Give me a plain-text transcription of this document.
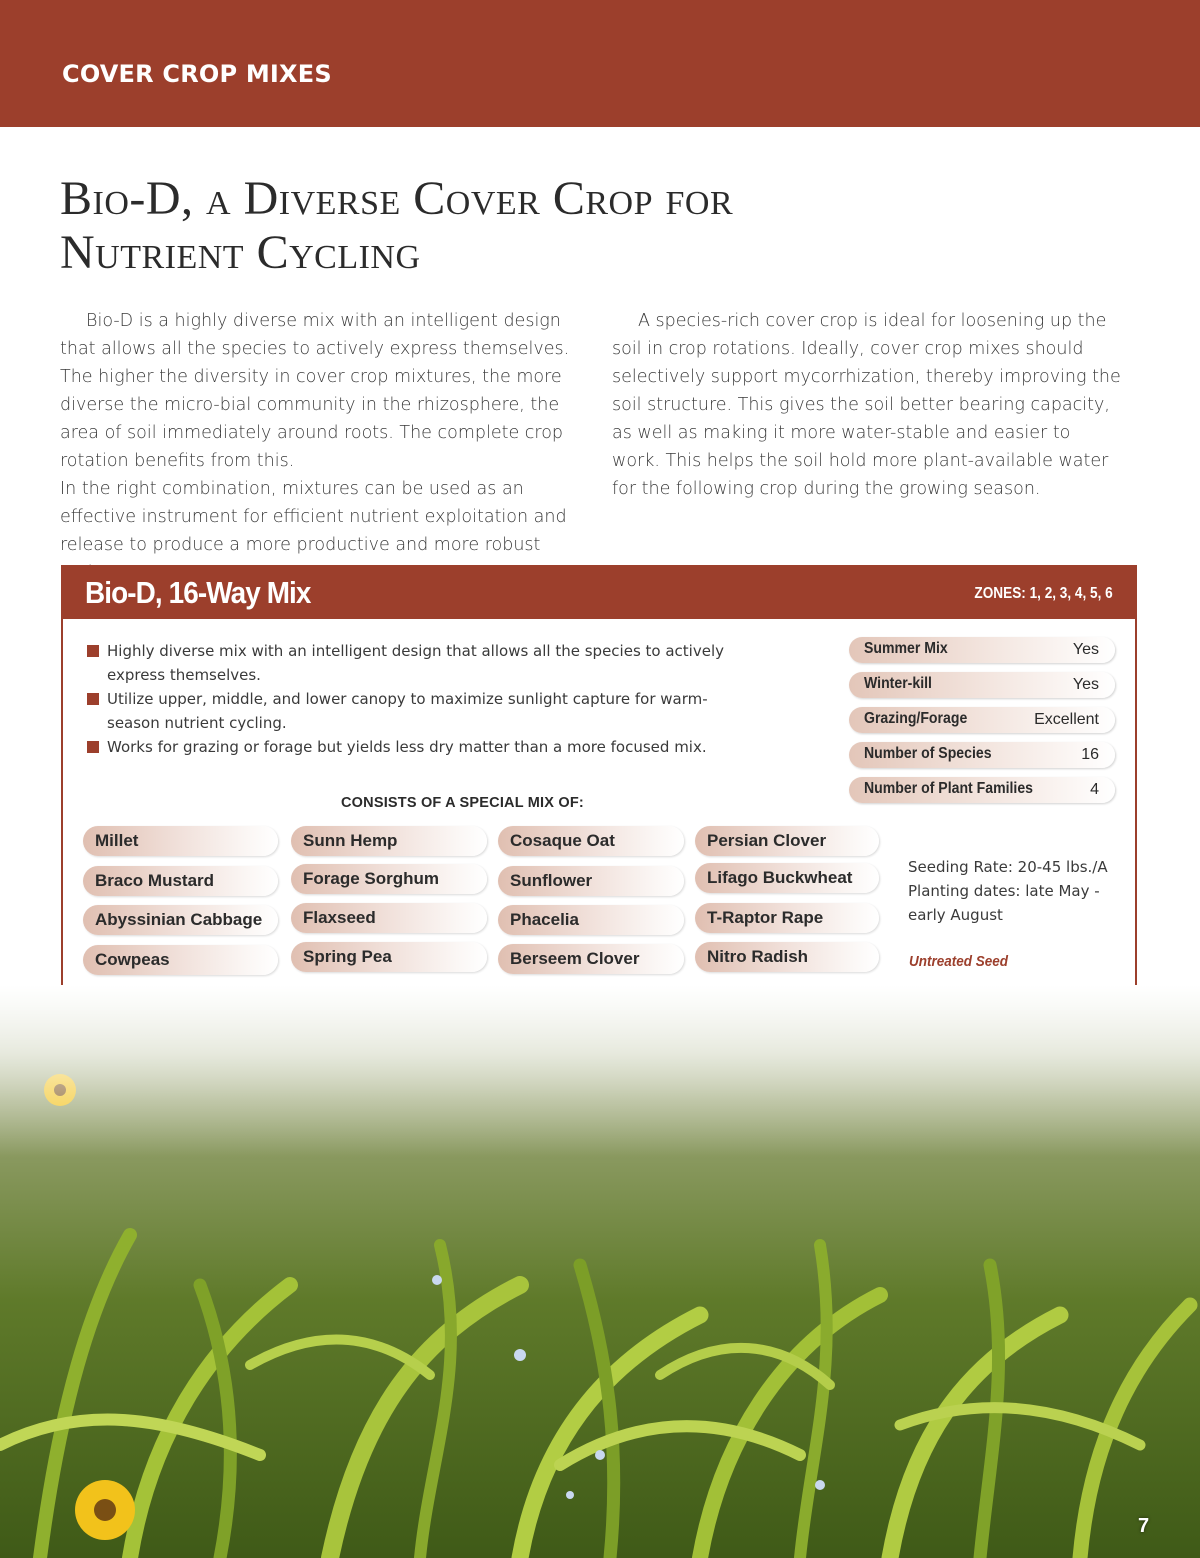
COVER CROP MIXES
Bio-D, a Diverse Cover Crop for Nutrient Cycling

Bio-D is a highly diverse mix with an intelligent design that allows all the species to actively express themselves. The higher the diversity in cover crop mixtures, the more diverse the micro-bial community in the rhizosphere, the area of soil immediately around roots. The complete crop rotation benefits from this.

In the right combination, mixtures can be used as an effective instrument for efficient nutrient exploitation and release to produce a more productive and more robust

A species-rich cover crop is ideal for loosening up the soil in crop rotations. Ideally, cover crop mixes should selectively support mycorrhization, thereby improving the soil structure. This gives the soil better bearing capacity, as well as making it more water-stable and easier to work. This helps the soil hold more plant-available water for the following crop during the growing season.

Bio-D, 16-Way Mix	ZONES: 1, 2, 3, 4, 5, 6
Highly diverse mix with an intelligent design that allows all the species to actively express themselves.
Utilize upper, middle, and lower canopy to maximize sunlight capture for warm-season nutrient cycling.
Works for grazing or forage but yields less dry matter than a more focused mix.
Summer Mix	Yes
Winter-kill	Yes
Grazing/Forage	Excellent
Number of Species	16
Number of Plant Families	4
CONSISTS OF A SPECIAL MIX OF:
Millet
Braco Mustard
Abyssinian Cabbage
Cowpeas
Sunn Hemp
Forage Sorghum
Flaxseed
Spring Pea
Cosaque Oat
Sunflower
Phacelia
Berseem Clover
Persian Clover
Lifago Buckwheat
T-Raptor Rape
Nitro Radish
Seeding Rate: 20-45 lbs./A
Planting dates: late May - early August
Untreated Seed
7
